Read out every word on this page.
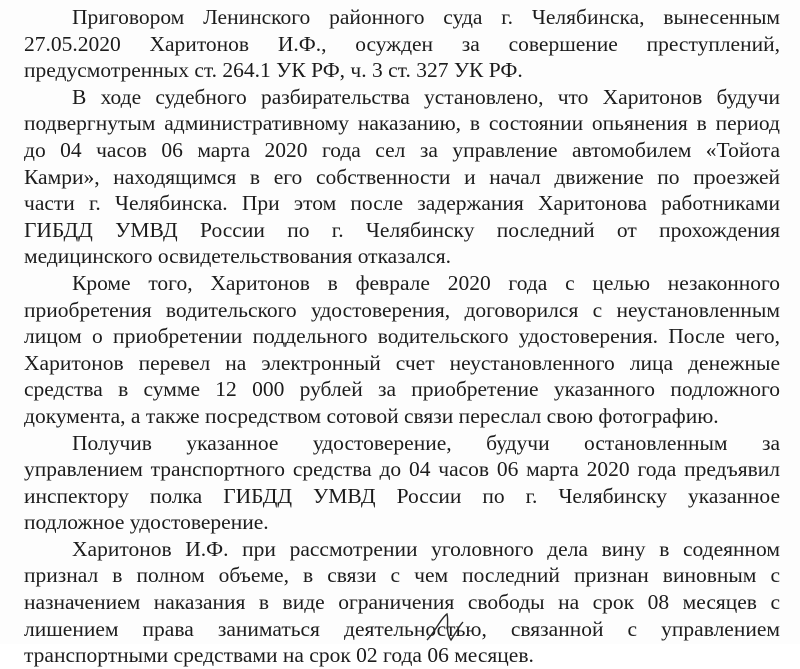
Приговором Ленинского районного суда г. Челябинска, вынесенным
27.05.2020 Харитонов И.Ф., осужден за совершение преступлений,
предусмотренных ст. 264.1 УК РФ, ч. 3 ст. 327 УК РФ.
В ходе судебного разбирательства установлено, что Харитонов будучи
подвергнутым административному наказанию, в состоянии опьянения в период
до 04 часов 06 марта 2020 года сел за управление автомобилем «Тойота
Камри», находящимся в его собственности и начал движение по проезжей
части г. Челябинска. При этом после задержания Харитонова работниками
ГИБДД УМВД России по г. Челябинску последний от прохождения
медицинского освидетельствования отказался.
Кроме того, Харитонов в феврале 2020 года с целью незаконного
приобретения водительского удостоверения, договорился с неустановленным
лицом о приобретении поддельного водительского удостоверения. После чего,
Харитонов перевел на электронный счет неустановленного лица денежные
средства в сумме 12 000 рублей за приобретение указанного подложного
документа, а также посредством сотовой связи переслал свою фотографию.
Получив указанное удостоверение, будучи остановленным за
управлением транспортного средства до 04 часов 06 марта 2020 года предъявил
инспектору полка ГИБДД УМВД России по г. Челябинску указанное
подложное удостоверение.
Харитонов И.Ф. при рассмотрении уголовного дела вину в содеянном
признал в полном объеме, в связи с чем последний признан виновным с
назначением наказания в виде ограничения свободы на срок 08 месяцев с
лишением права заниматься деятельностью, связанной с управлением
транспортными средствами на срок 02 года 06 месяцев.
